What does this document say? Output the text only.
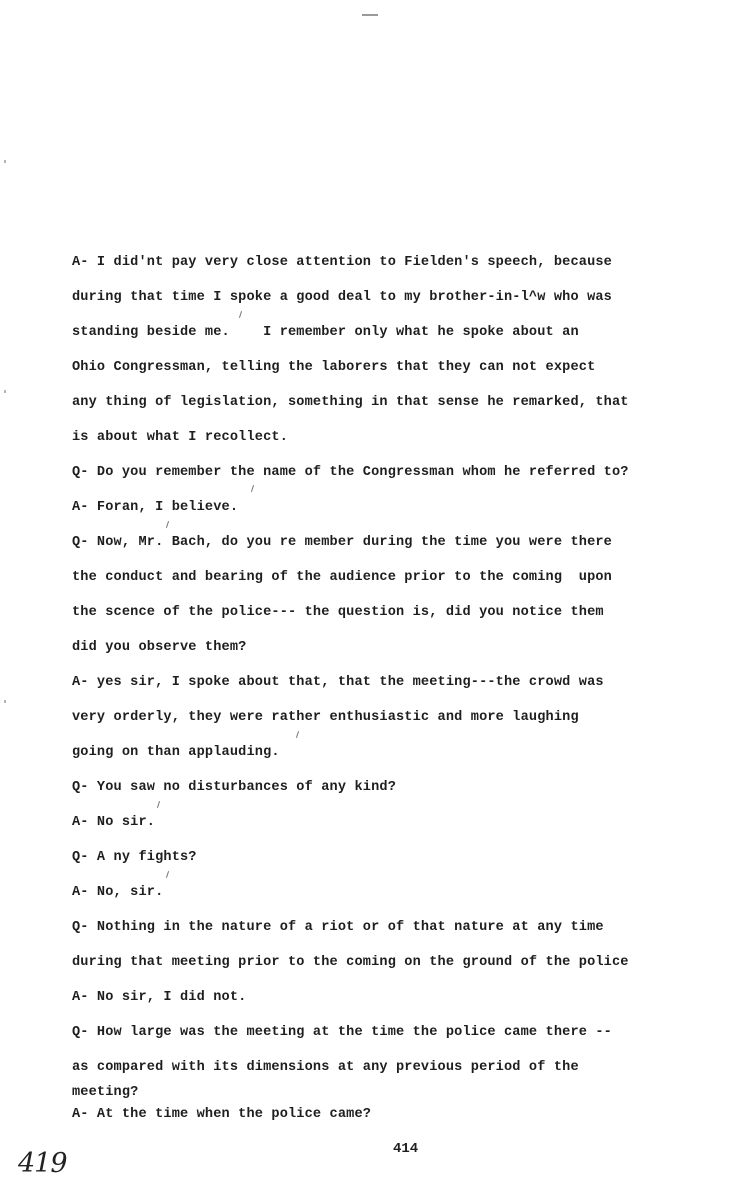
A- I did'nt pay very close attention to Fielden's speech, because
during that time I spoke a good deal to my brother-in-l^w who was
standing beside me.    I remember only what he spoke about an
Ohio Congressman, telling the laborers that they can not expect
any thing of legislation, something in that sense he remarked, that
is about what I recollect.
Q- Do you remember the name of the Congressman whom he referred to?
A- Foran, I believe.
Q- Now, Mr. Bach, do you re member during the time you were there
the conduct and bearing of the audience prior to the coming  upon
the scence of the police--- the question is, did you notice them
did you observe them?
A- yes sir, I spoke about that, that the meeting---the crowd was
very orderly, they were rather enthusiastic and more laughing
going on than applauding.
Q- You saw no disturbances of any kind?
A- No sir.
Q- A ny fights?
A- No, sir.
Q- Nothing in the nature of a riot or of that nature at any time
during that meeting prior to the coming on the ground of the police
A- No sir, I did not.
Q- How large was the meeting at the time the police came there --
as compared with its dimensions at any previous period of the
meeting?
A- At the time when the police came?
419	414
